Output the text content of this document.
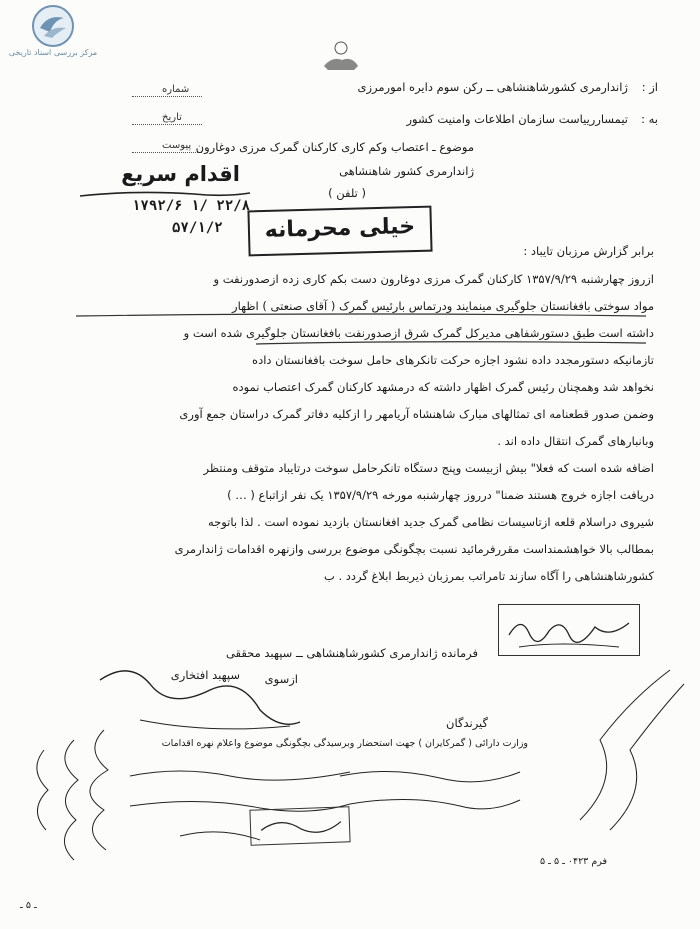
مرکز بررسی اسناد تاریخی
شماره
تاریخ
پیوست
از :
ژاندارمری کشورشاهنشاهی ــ رکن سوم دایره امورمرزی
به :
تیمساررییاست سازمان اطلاعات وامنیت کشور
موضوع ـ اعتصاب وکم کاری کارکنان گمرک مرزی دوغارون
ژاندارمری کشور شاهنشاهی
( تلفن )
اقدام سریع
۱۷۹۲/۶ ۱/ ۲۲/۸
۵۷/۱/۲	خیلی محرمانه
برابر گزارش مرزبان تایباد :
ازروز چهارشنبه ۱۳۵۷/۹/۲۹ کارکنان گمرک مرزی دوغارون دست بکم کاری زده ازصدورنفت و
مواد سوختی بافغانستان جلوگیری مینمایند ودرتماس بارئیس گمرک ( آقای صنعتی ) اظهار
داشته است طبق دستورشفاهی مدیرکل گمرک شرق ازصدورنفت بافغانستان جلوگیری شده است و
تازمانیکه دستورمجدد داده نشود اجازه حرکت تانکرهای حامل سوخت بافغانستان داده
نخواهد شد وهمچنان رئیس گمرک اظهار داشته که درمشهد کارکنان گمرک اعتصاب نموده
وضمن صدور قطعنامه ای تمثالهای مبارک شاهنشاه آریامهر را ازکلیه دفاتر گمرک دراستان جمع آوری
وبانبارهای گمرک انتقال داده اند .
اضافه شده است که فعلا" بیش ازبیست وپنج دستگاه تانکرحامل سوخت درتایباد متوقف ومنتظر
دریافت اجازه خروج هستند ضمنا" درروز چهارشنبه مورخه ۱۳۵۷/۹/۲۹ یک نفر ازاتباع ( … )
شیروی دراسلام قلعه ازتاسیسات نظامی گمرک جدید افغانستان بازدید نموده است . لذا باتوجه
بمطالب بالا خواهشمنداست مقررفرمائید نسبت بچگونگی موضوع بررسی وازنهره اقدامات ژاندارمری
کشورشاهنشاهی را آگاه سازند تامراتب بمرزبان ذیربط ابلاغ گردد . ب
فرمانده ژاندارمری کشورشاهنشاهی ــ سپهبد محققی
ازسوی
سپهبد افتخاری
گیرندگان
وزارت دارائی ( گمرکایران ) جهت استحضار وبرسیدگی بچگونگی موضوع واعلام نهره اقدامات
فرم ۰۴۲۳ ـ ۵ ـ ۵
ـ ۵ ـ
